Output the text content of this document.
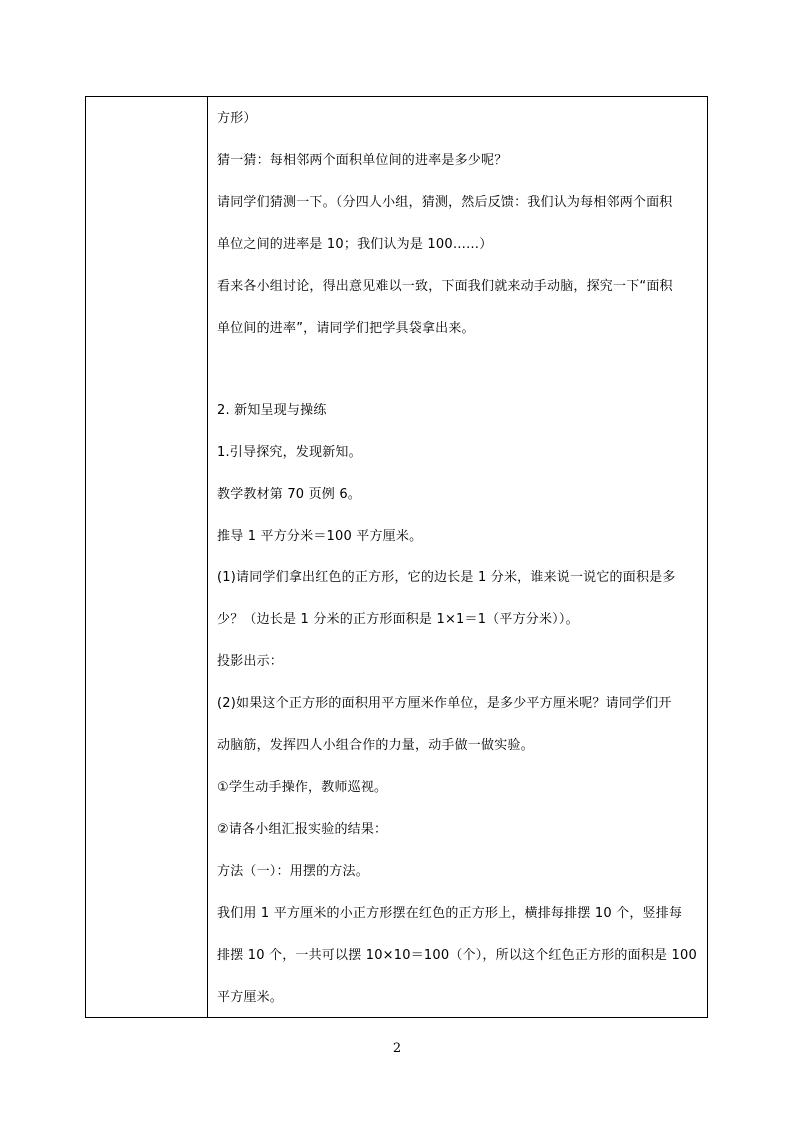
方形）
猜一猜：每相邻两个面积单位间的进率是多少呢？
请同学们猜测一下。（分四人小组，猜测，然后反馈：我们认为每相邻两个面积
单位之间的进率是 10；我们认为是 100……）
看来各小组讨论，得出意见难以一致，下面我们就来动手动脑，探究一下“面积
单位间的进率”，请同学们把学具袋拿出来。
2. 新知呈现与操练
1.引导探究，发现新知。
教学教材第 70 页例 6。
推导 1 平方分米＝100 平方厘米。
(1)请同学们拿出红色的正方形，它的边长是 1 分米，谁来说一说它的面积是多
少？（边长是 1 分米的正方形面积是 1×1＝1（平方分米））。
投影出示：
(2)如果这个正方形的面积用平方厘米作单位，是多少平方厘米呢？请同学们开
动脑筋，发挥四人小组合作的力量，动手做一做实验。
①学生动手操作，教师巡视。
②请各小组汇报实验的结果：
方法（一）：用摆的方法。
我们用 1 平方厘米的小正方形摆在红色的正方形上，横排每排摆 10 个，竖排每
排摆 10 个，一共可以摆 10×10＝100（个），所以这个红色正方形的面积是 100
平方厘米。
2
